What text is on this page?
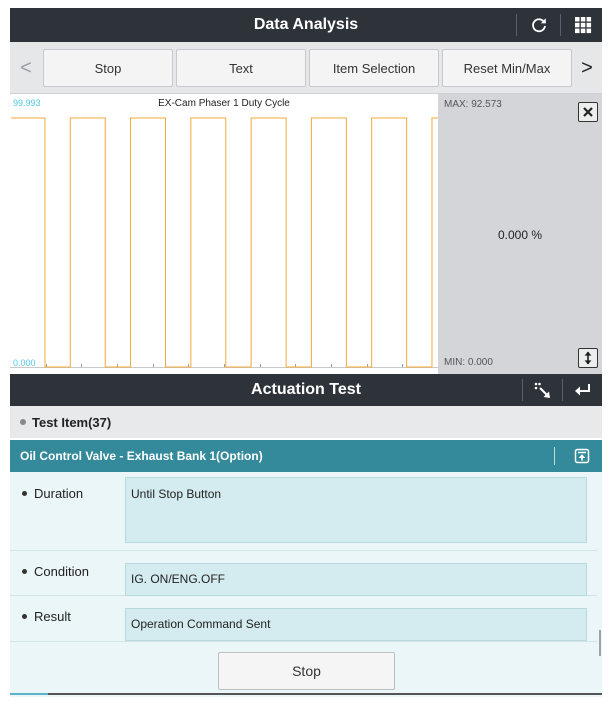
Data Analysis
<	Stop	Text	Item Selection	Reset Min/Max	>
99.993	EX-Cam Phaser 1 Duty Cycle
0.000
MAX: 92.573
0.000 %
MIN: 0.000
Actuation Test
Test Item(37)
Oil Control Valve - Exhaust Bank 1(Option)
Duration	Until Stop Button
Condition	IG. ON/ENG.OFF
Result	Operation Command Sent
Stop
